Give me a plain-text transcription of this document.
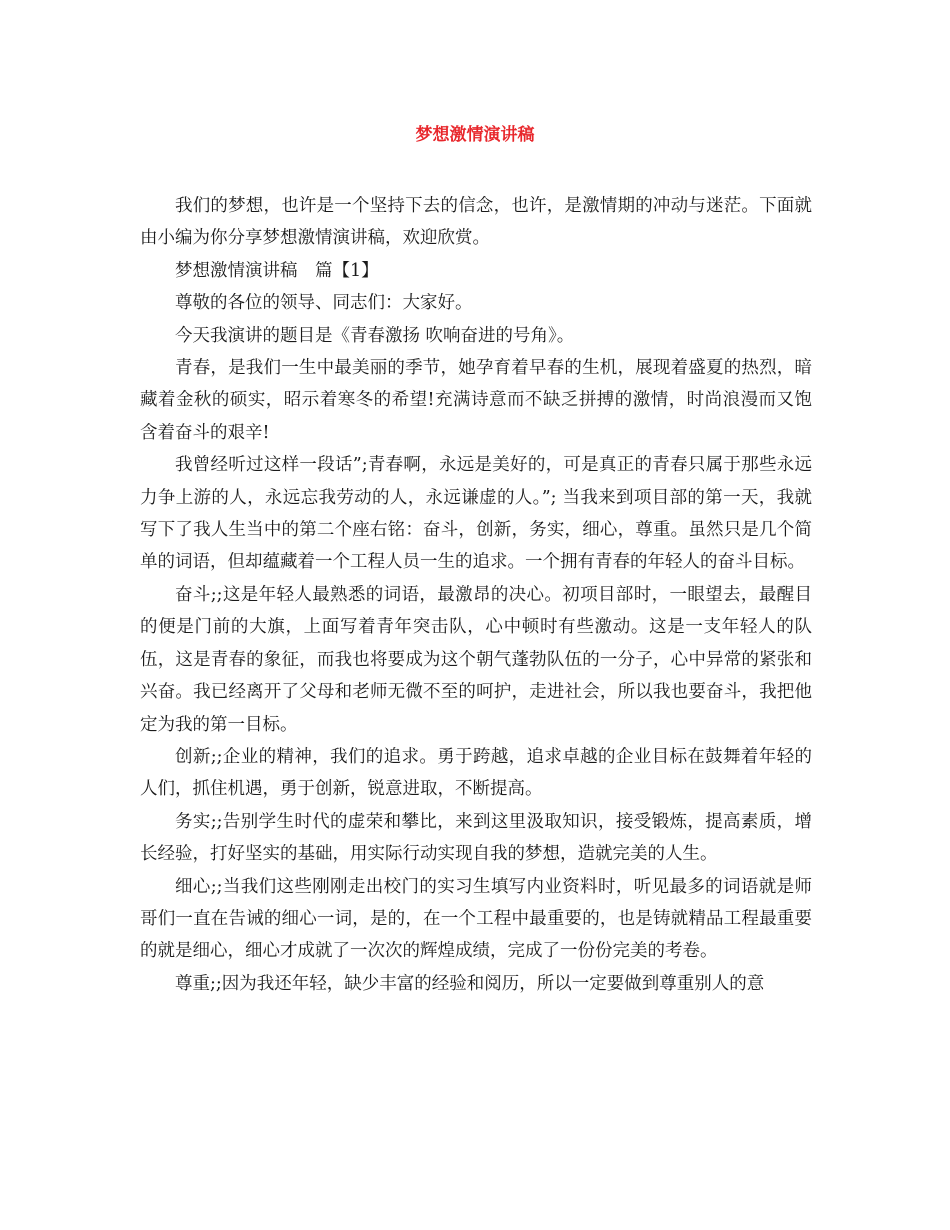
梦想激情演讲稿

我们的梦想，也许是一个坚持下去的信念，也许，是激情期的冲动与迷茫。下面就由小编为你分享梦想激情演讲稿，欢迎欣赏。

梦想激情演讲稿　篇【1】

尊敬的各位的领导、同志们：大家好。

今天我演讲的题目是《青春激扬 吹响奋进的号角》。

青春，是我们一生中最美丽的季节，她孕育着早春的生机，展现着盛夏的热烈，暗藏着金秋的硕实，昭示着寒冬的希望!充满诗意而不缺乏拼搏的激情，时尚浪漫而又饱含着奋斗的艰辛!

我曾经听过这样一段话”;青春啊，永远是美好的，可是真正的青春只属于那些永远力争上游的人，永远忘我劳动的人，永远谦虚的人。”; 当我来到项目部的第一天，我就写下了我人生当中的第二个座右铭：奋斗，创新，务实，细心，尊重。虽然只是几个简单的词语，但却蕴藏着一个工程人员一生的追求。一个拥有青春的年轻人的奋斗目标。

奋斗;;这是年轻人最熟悉的词语，最激昂的决心。初项目部时，一眼望去，最醒目的便是门前的大旗，上面写着青年突击队，心中顿时有些激动。这是一支年轻人的队伍，这是青春的象征，而我也将要成为这个朝气蓬勃队伍的一分子，心中异常的紧张和兴奋。我已经离开了父母和老师无微不至的呵护，走进社会，所以我也要奋斗，我把他定为我的第一目标。

创新;;企业的精神，我们的追求。勇于跨越，追求卓越的企业目标在鼓舞着年轻的人们，抓住机遇，勇于创新，锐意进取，不断提高。

务实;;告别学生时代的虚荣和攀比，来到这里汲取知识，接受锻炼，提高素质，增长经验，打好坚实的基础，用实际行动实现自我的梦想，造就完美的人生。

细心;;当我们这些刚刚走出校门的实习生填写内业资料时，听见最多的词语就是师哥们一直在告诫的细心一词，是的，在一个工程中最重要的，也是铸就精品工程最重要的就是细心，细心才成就了一次次的辉煌成绩，完成了一份份完美的考卷。

尊重;;因为我还年轻，缺少丰富的经验和阅历，所以一定要做到尊重别人的意
